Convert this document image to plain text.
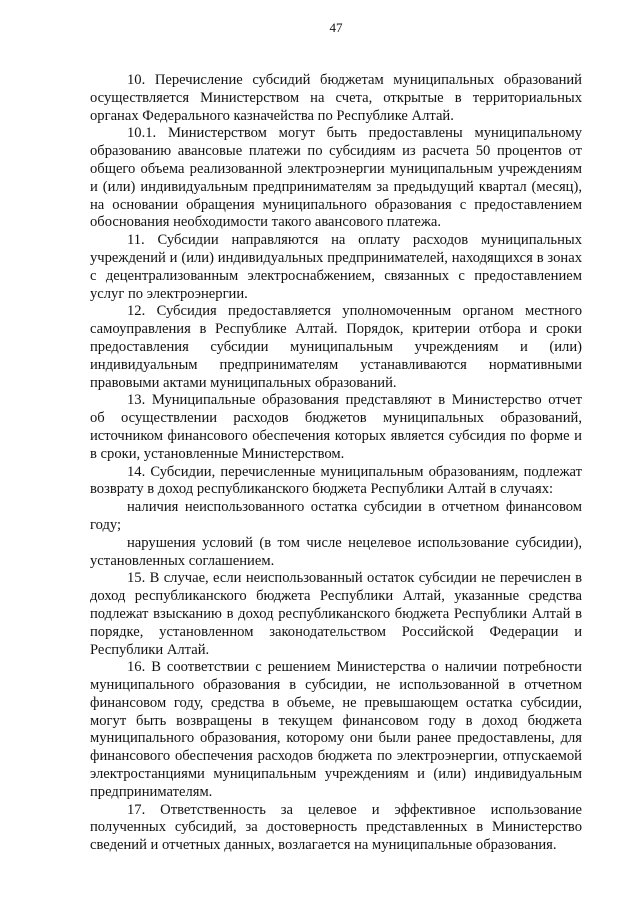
47

10. Перечисление субсидий бюджетам муниципальных образований осуществляется Министерством на счета, открытые в территориальных органах Федерального казначейства по Республике Алтай.

10.1. Министерством могут быть предоставлены муниципальному образованию авансовые платежи по субсидиям из расчета 50 процентов от общего объема реализованной электроэнергии муниципальным учреждениям и (или) индивидуальным предпринимателям за предыдущий квартал (месяц), на основании обращения муниципального образования с предоставлением обоснования необходимости такого авансового платежа.

11. Субсидии направляются на оплату расходов муниципальных учреждений и (или) индивидуальных предпринимателей, находящихся в зонах с децентрализованным электроснабжением, связанных с предоставлением услуг по электроэнергии.

12. Субсидия предоставляется уполномоченным органом местного самоуправления в Республике Алтай. Порядок, критерии отбора и сроки предоставления субсидии муниципальным учреждениям и (или) индивидуальным предпринимателям устанавливаются нормативными правовыми актами муниципальных образований.

13. Муниципальные образования представляют в Министерство отчет об осуществлении расходов бюджетов муниципальных образований, источником финансового обеспечения которых является субсидия по форме и в сроки, установленные Министерством.

14. Субсидии, перечисленные муниципальным образованиям, подлежат возврату в доход республиканского бюджета Республики Алтай в случаях:

наличия неиспользованного остатка субсидии в отчетном финансовом году;

нарушения условий (в том числе нецелевое использование субсидии), установленных соглашением.

15. В случае, если неиспользованный остаток субсидии не перечислен в доход республиканского бюджета Республики Алтай, указанные средства подлежат взысканию в доход республиканского бюджета Республики Алтай в порядке, установленном законодательством Российской Федерации и Республики Алтай.

16. В соответствии с решением Министерства о наличии потребности муниципального образования в субсидии, не использованной в отчетном финансовом году, средства в объеме, не превышающем остатка субсидии, могут быть возвращены в текущем финансовом году в доход бюджета муниципального образования, которому они были ранее предоставлены, для финансового обеспечения расходов бюджета по электроэнергии, отпускаемой электростанциями муниципальным учреждениям и (или) индивидуальным предпринимателям.

17. Ответственность за целевое и эффективное использование полученных субсидий, за достоверность представленных в Министерство сведений и отчетных данных, возлагается на муниципальные образования.
